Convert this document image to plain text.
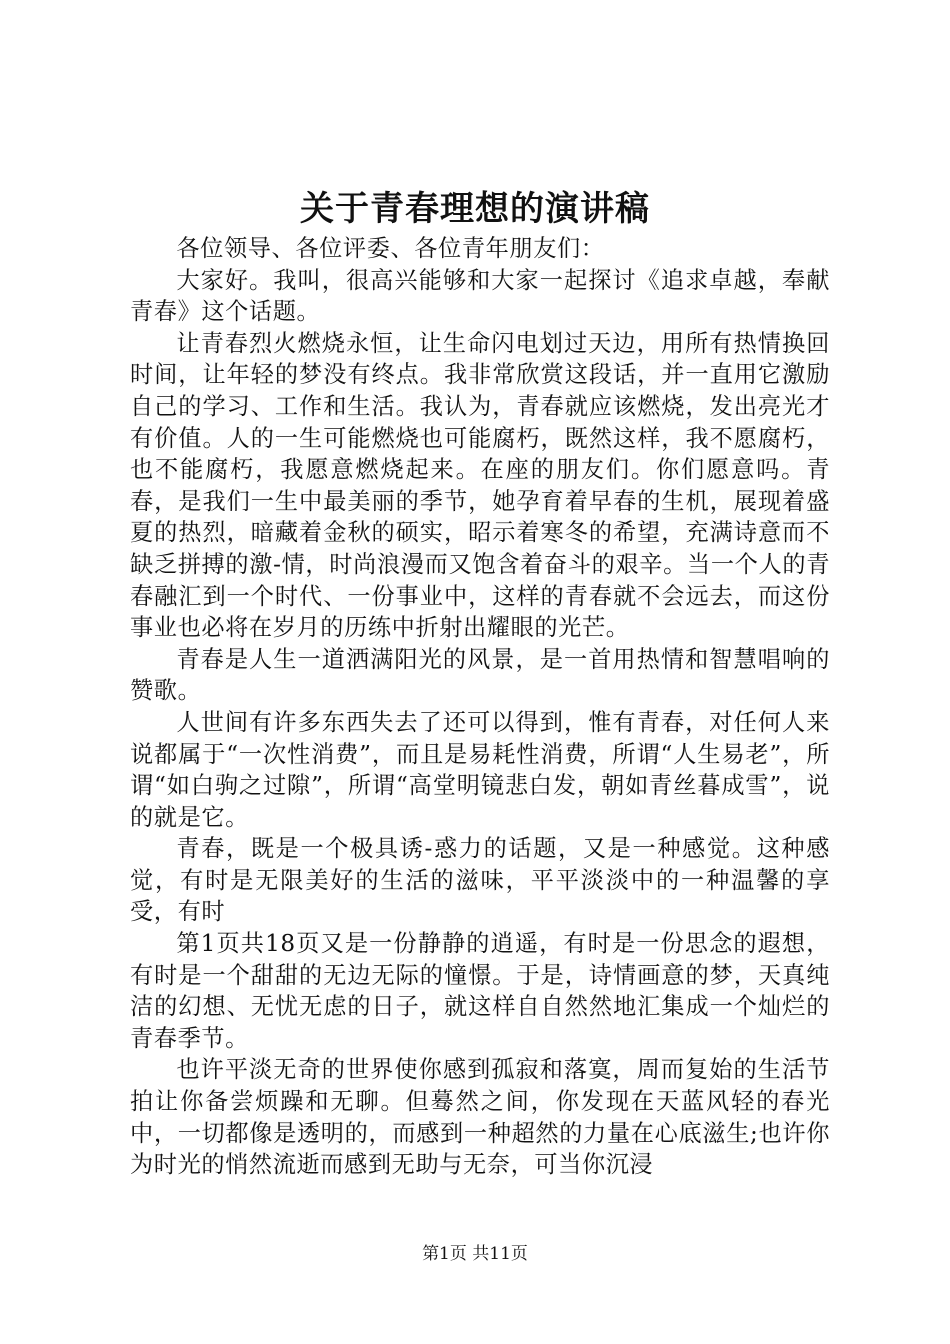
关于青春理想的演讲稿

各位领导、各位评委、各位青年朋友们：

大家好。我叫，很高兴能够和大家一起探讨《追求卓越，奉献青春》这个话题。

让青春烈火燃烧永恒，让生命闪电划过天边，用所有热情换回时间，让年轻的梦没有终点。我非常欣赏这段话，并一直用它激励自己的学习、工作和生活。我认为，青春就应该燃烧，发出亮光才有价值。人的一生可能燃烧也可能腐朽，既然这样，我不愿腐朽，也不能腐朽，我愿意燃烧起来。在座的朋友们。你们愿意吗。青春，是我们一生中最美丽的季节，她孕育着早春的生机，展现着盛夏的热烈，暗藏着金秋的硕实，昭示着寒冬的希望，充满诗意而不缺乏拼搏的激-情，时尚浪漫而又饱含着奋斗的艰辛。当一个人的青春融汇到一个时代、一份事业中，这样的青春就不会远去，而这份事业也必将在岁月的历练中折射出耀眼的光芒。

青春是人生一道洒满阳光的风景，是一首用热情和智慧唱响的赞歌。

人世间有许多东西失去了还可以得到，惟有青春，对任何人来说都属于“一次性消费”，而且是易耗性消费，所谓“人生易老”，所谓“如白驹之过隙”，所谓“高堂明镜悲白发，朝如青丝暮成雪”，说的就是它。

青春，既是一个极具诱-惑力的话题，又是一种感觉。这种感觉，有时是无限美好的生活的滋味，平平淡淡中的一种温馨的享受，有时

第1页共18页又是一份静静的逍遥，有时是一份思念的遐想，有时是一个甜甜的无边无际的憧憬。于是，诗情画意的梦，天真纯洁的幻想、无忧无虑的日子，就这样自自然然地汇集成一个灿烂的青春季节。

也许平淡无奇的世界使你感到孤寂和落寞，周而复始的生活节拍让你备尝烦躁和无聊。但蓦然之间，你发现在天蓝风轻的春光中，一切都像是透明的，而感到一种超然的力量在心底滋生;也许你为时光的悄然流逝而感到无助与无奈，可当你沉浸

第1页 共11页
